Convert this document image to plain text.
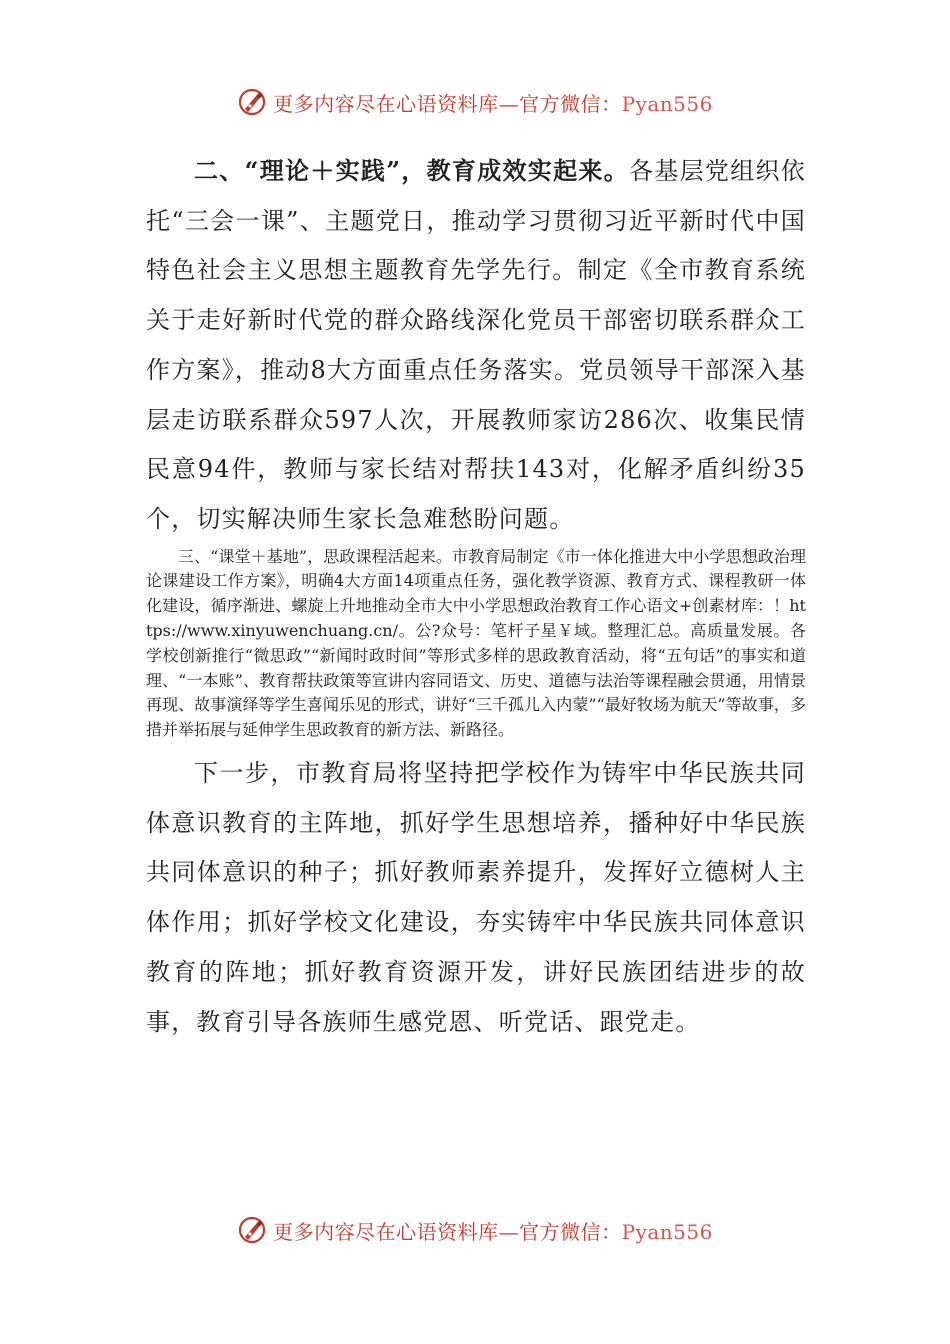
更多内容尽在心语资料库—官方微信：Pyan556

二、“理论＋实践”，教育成效实起来。各基层党组织依托“三会一课”、主题党日，推动学习贯彻习近平新时代中国特色社会主义思想主题教育先学先行。制定《全市教育系统关于走好新时代党的群众路线深化党员干部密切联系群众工作方案》，推动8大方面重点任务落实。党员领导干部深入基层走访联系群众597人次，开展教师家访286次、收集民情民意94件，教师与家长结对帮扶143对，化解矛盾纠纷35个，切实解决师生家长急难愁盼问题。

三、“课堂＋基地”，思政课程活起来。市教育局制定《市一体化推进大中小学思想政治理论课建设工作方案》，明确4大方面14项重点任务，强化教学资源、教育方式、课程教研一体化建设，循序渐进、螺旋上升地推动全市大中小学思想政治教育工作心语文+创素材库：！https://www.xinyuwenchuang.cn/。公?众号：笔杆子星￥域。整理汇总。高质量发展。各学校创新推行“微思政”“新闻时政时间”等形式多样的思政教育活动，将“五句话”的事实和道理、“一本账”、教育帮扶政策等宣讲内容同语文、历史、道德与法治等课程融会贯通，用情景再现、故事演绎等学生喜闻乐见的形式，讲好“三千孤儿入内蒙”“最好牧场为航天”等故事，多措并举拓展与延伸学生思政教育的新方法、新路径。

下一步，市教育局将坚持把学校作为铸牢中华民族共同体意识教育的主阵地，抓好学生思想培养，播种好中华民族共同体意识的种子；抓好教师素养提升，发挥好立德树人主体作用；抓好学校文化建设，夯实铸牢中华民族共同体意识教育的阵地；抓好教育资源开发，讲好民族团结进步的故事，教育引导各族师生感党恩、听党话、跟党走。

更多内容尽在心语资料库—官方微信：Pyan556
